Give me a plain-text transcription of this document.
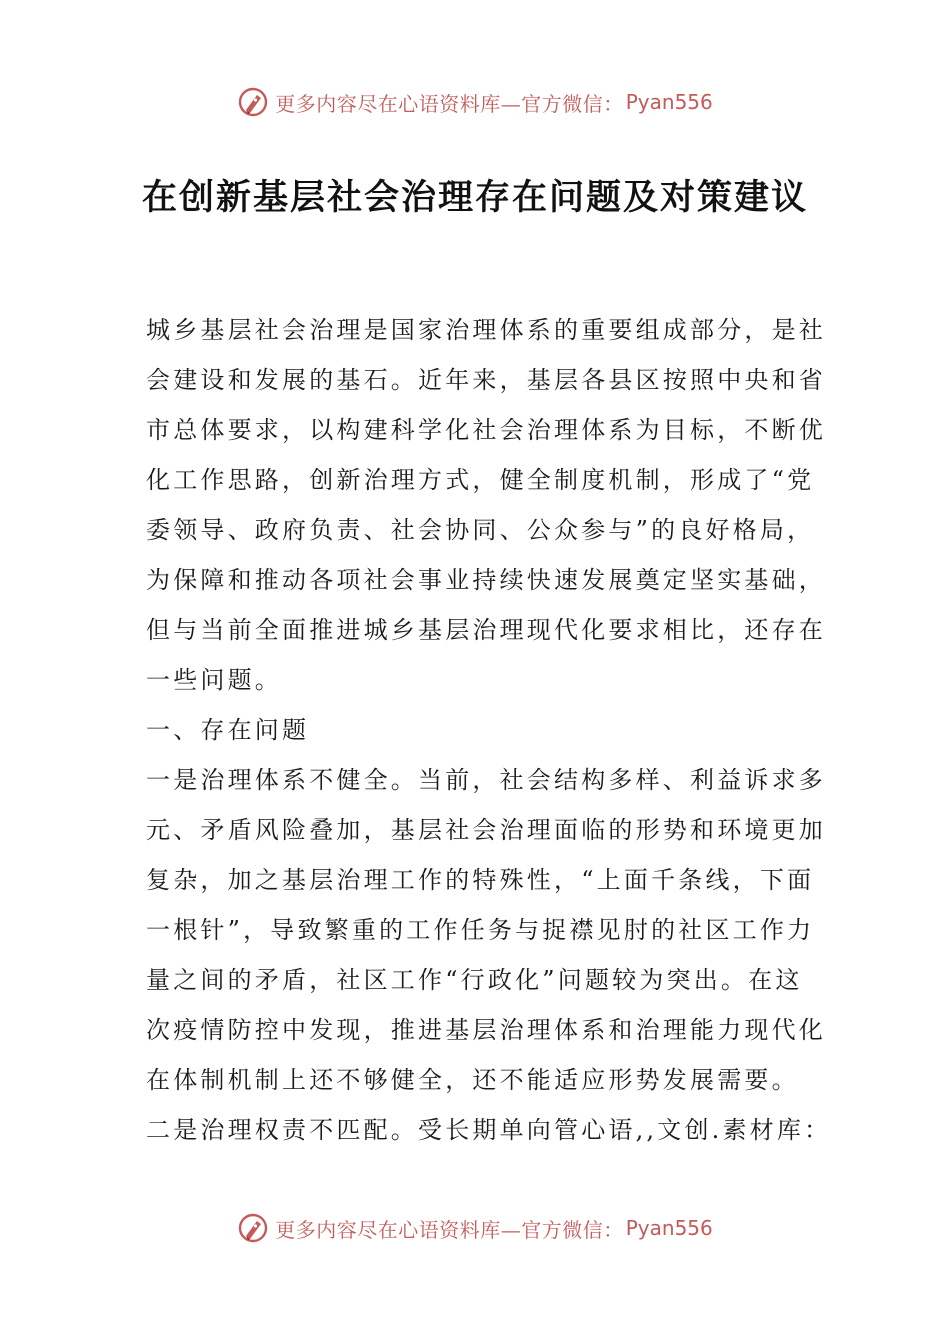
更多内容尽在心语资料库—官方微信： Pyan556
在创新基层社会治理存在问题及对策建议
城乡基层社会治理是国家治理体系的重要组成部分，是社
会建设和发展的基石。近年来，基层各县区按照中央和省
市总体要求，以构建科学化社会治理体系为目标，不断优
化工作思路，创新治理方式，健全制度机制，形成了“党
委领导、政府负责、社会协同、公众参与”的良好格局，
为保障和推动各项社会事业持续快速发展奠定坚实基础，
但与当前全面推进城乡基层治理现代化要求相比，还存在
一些问题。
一、存在问题
一是治理体系不健全。当前，社会结构多样、利益诉求多
元、矛盾风险叠加，基层社会治理面临的形势和环境更加
复杂，加之基层治理工作的特殊性，“上面千条线，下面
一根针”，导致繁重的工作任务与捉襟见肘的社区工作力
量之间的矛盾，社区工作“行政化”问题较为突出。在这
次疫情防控中发现，推进基层治理体系和治理能力现代化
在体制机制上还不够健全，还不能适应形势发展需要。
二是治理权责不匹配。受长期单向管心语,,文创.素材库：
更多内容尽在心语资料库—官方微信： Pyan556
